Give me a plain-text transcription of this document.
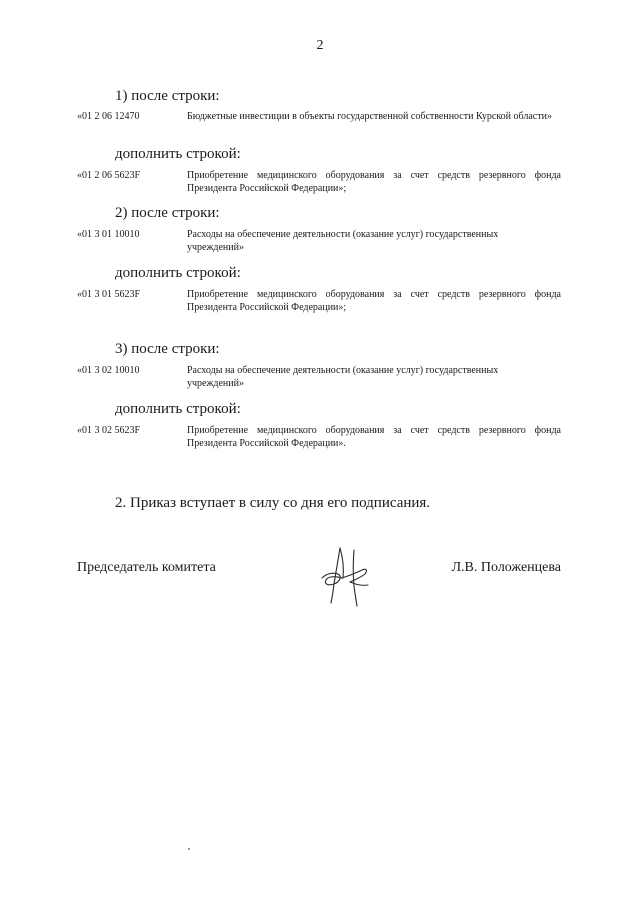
2
1) после строки:
«01 2 06 12470	Бюджетные инвестиции в объекты государственной собственности Курской области»
дополнить строкой:
«01 2 06 5623F	Приобретение медицинского оборудования за счет средств резервного фонда Президента Российской Федерации»;
2) после строки:
«01 3 01 10010	Расходы на обеспечение деятельности (оказание услуг) государственных учреждений»
дополнить строкой:
«01 3 01 5623F	Приобретение медицинского оборудования за счет средств резервного фонда Президента Российской Федерации»;
3) после строки:
«01 3 02 10010	Расходы на обеспечение деятельности (оказание услуг) государственных учреждений»
дополнить строкой:
«01 3 02 5623F	Приобретение медицинского оборудования за счет средств резервного фонда Президента Российской Федерации».
2. Приказ вступает в силу со дня его подписания.
Председатель комитета	Л.В. Положенцева
